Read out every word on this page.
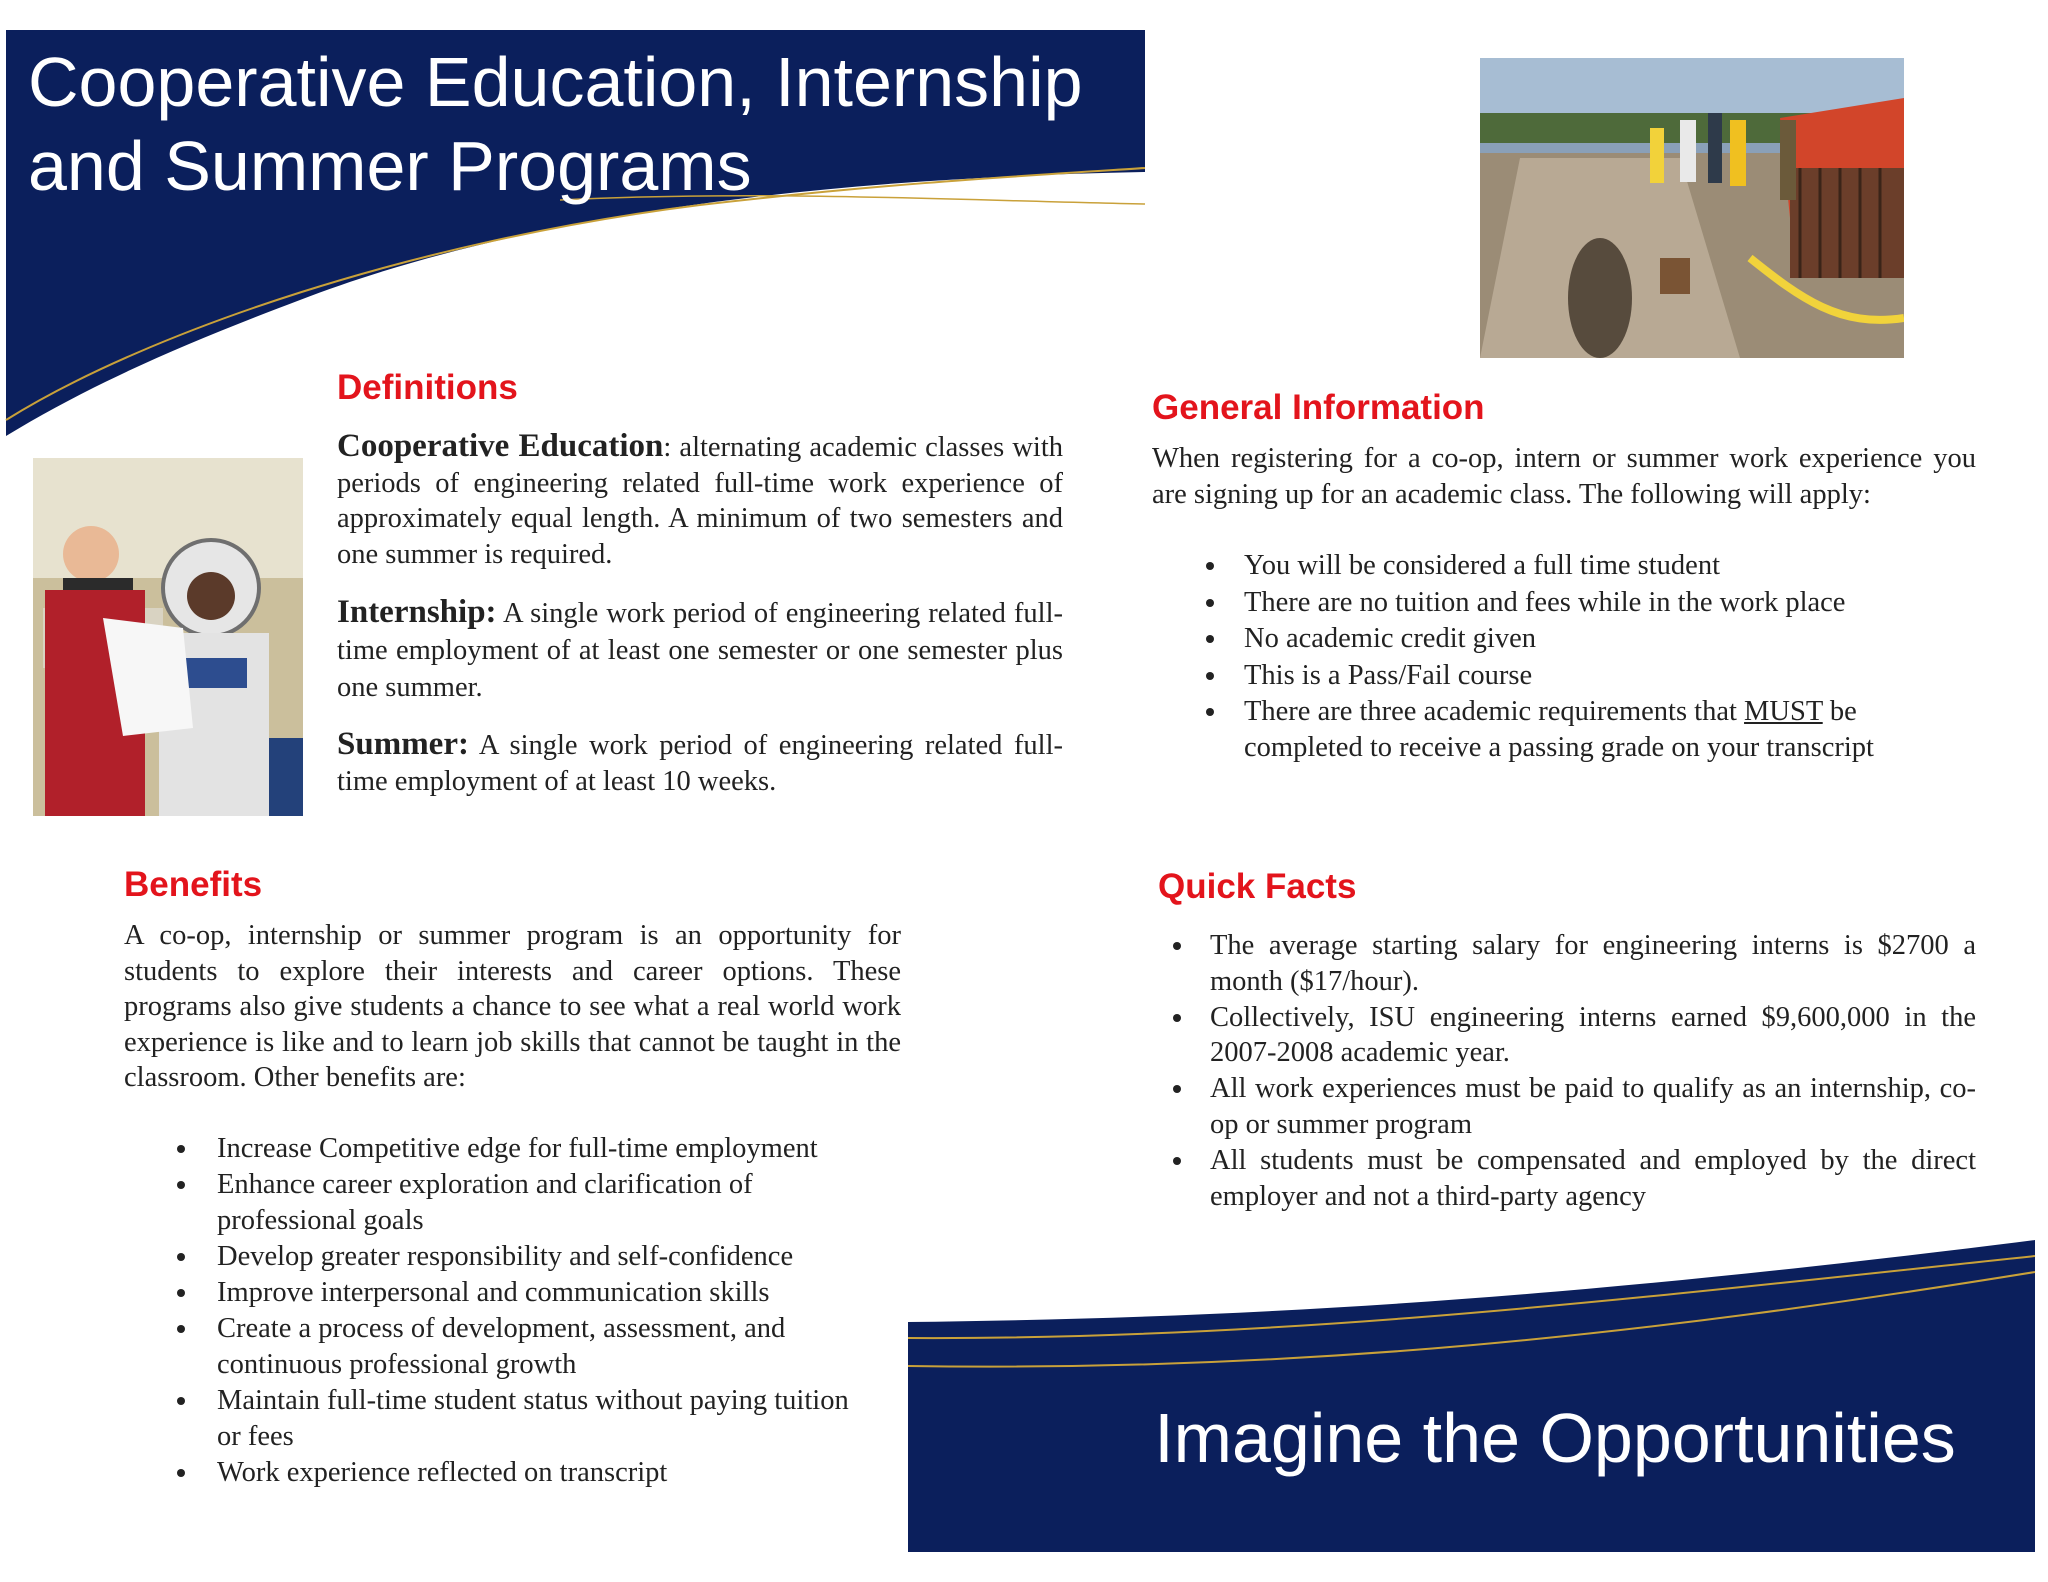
Cooperative Education, Internship
and Summer Programs
Imagine the Opportunities
Definitions

Cooperative Education: alternating academic classes with periods of engineering related full-time work experience of approximately equal length. A minimum of two semesters and one summer is required.

Internship: A single work period of engineering related full-time employment of at least one semester or one semester plus one summer.

Summer: A single work period of engineering related full-time employment of at least 10 weeks.

General Information
When registering for a co-op, intern or summer work experience you are signing up for an academic class. The following will apply:
You will be considered a full time student
There are no tuition and fees while in the work place
No academic credit given
This is a Pass/Fail course
There are three academic requirements that MUST be completed to receive a passing grade on your transcript
Benefits
A co-op, internship or summer program is an opportunity for students to explore their interests and career options. These programs also give students a chance to see what a real world work experience is like and to learn job skills that cannot be taught in the classroom. Other benefits are:
Increase Competitive edge for full-time employment
Enhance career exploration and clarification of professional goals
Develop greater responsibility and self-confidence
Improve interpersonal and communication skills
Create a process of development, assessment, and continuous professional growth
Maintain full-time student status without paying tuition or fees
Work experience reflected on transcript
Quick Facts
The average starting salary for engineering interns is $2700 a month ($17/hour).
Collectively, ISU engineering interns earned $9,600,000 in the 2007-2008 academic year.
All work experiences must be paid to qualify as an internship, co-op or summer program
All students must be compensated and employed by the direct employer and not a third-party agency
